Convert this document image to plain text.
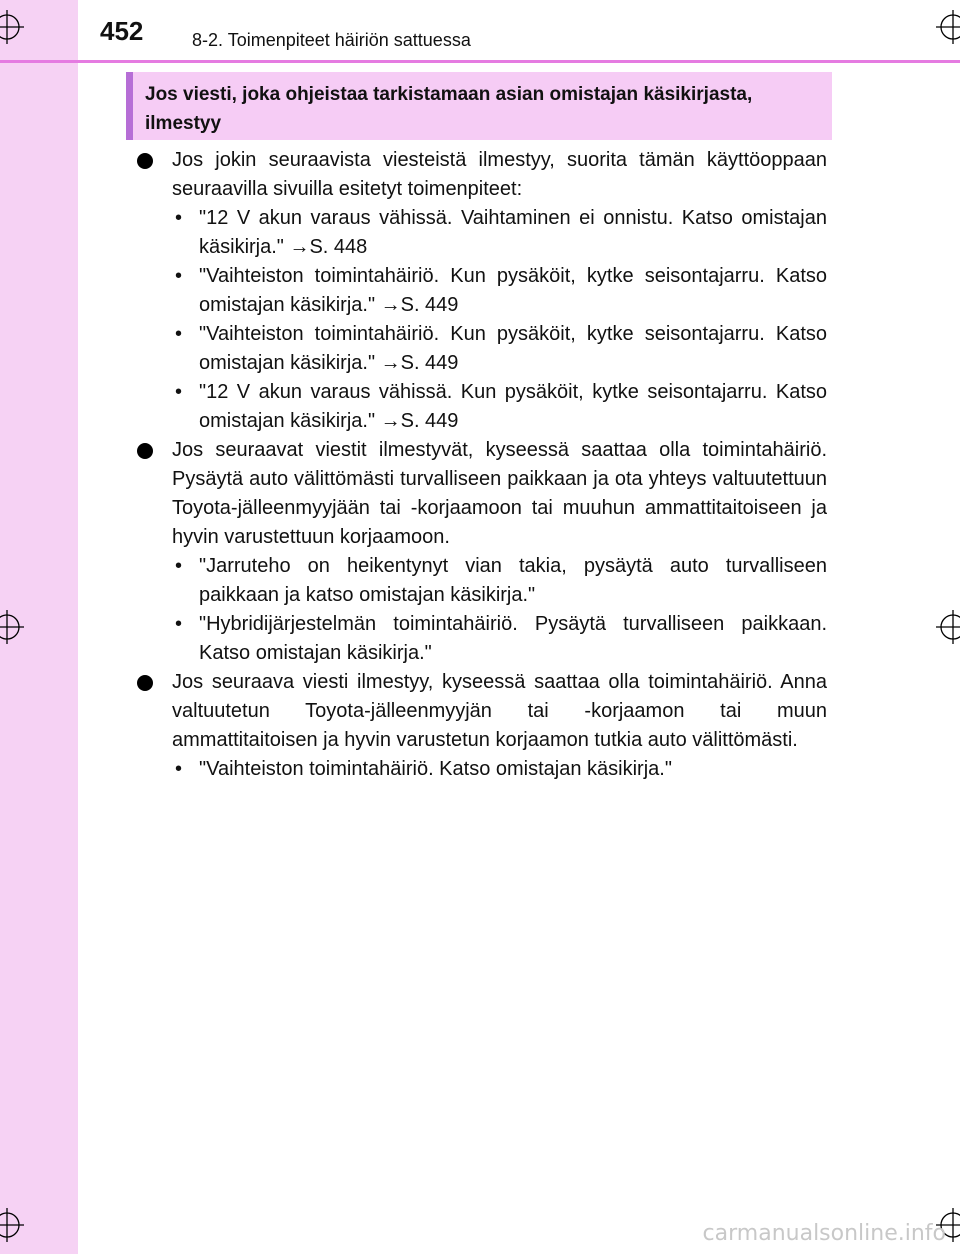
452	8-2. Toimenpiteet häiriön sattuessa
Jos viesti, joka ohjeistaa tarkistamaan asian omistajan käsikirjasta, ilmestyy
Jos jokin seuraavista viesteistä ilmestyy, suorita tämän käyttöoppaan seuraavilla sivuilla esitetyt toimenpiteet:
• "12 V akun varaus vähissä. Vaihtaminen ei onnistu. Katso omistajan käsikirja." →S. 448
• "Vaihteiston toimintahäiriö. Kun pysäköit, kytke seisontajarru. Katso omistajan käsikirja." →S. 449
• "Vaihteiston toimintahäiriö. Kun pysäköit, kytke seisontajarru. Katso omistajan käsikirja." →S. 449
• "12 V akun varaus vähissä. Kun pysäköit, kytke seisontajarru. Katso omistajan käsikirja." →S. 449
Jos seuraavat viestit ilmestyvät, kyseessä saattaa olla toimintahäiriö. Pysäytä auto välittömästi turvalliseen paikkaan ja ota yhteys valtuutettuun Toyota-jälleenmyyjään tai -korjaamoon tai muuhun ammattitaitoiseen ja hyvin varustettuun korjaamoon.
• "Jarruteho on heikentynyt vian takia, pysäytä auto turvalliseen paikkaan ja katso omistajan käsikirja."
• "Hybridijärjestelmän toimintahäiriö. Pysäytä turvalliseen paikkaan. Katso omistajan käsikirja."
Jos seuraava viesti ilmestyy, kyseessä saattaa olla toimintahäiriö. Anna valtuutetun Toyota-jälleenmyyjän tai -korjaamon tai muun ammattitaitoisen ja hyvin varustetun korjaamon tutkia auto välittömästi.
• "Vaihteiston toimintahäiriö. Katso omistajan käsikirja."
carmanualsonline.info
